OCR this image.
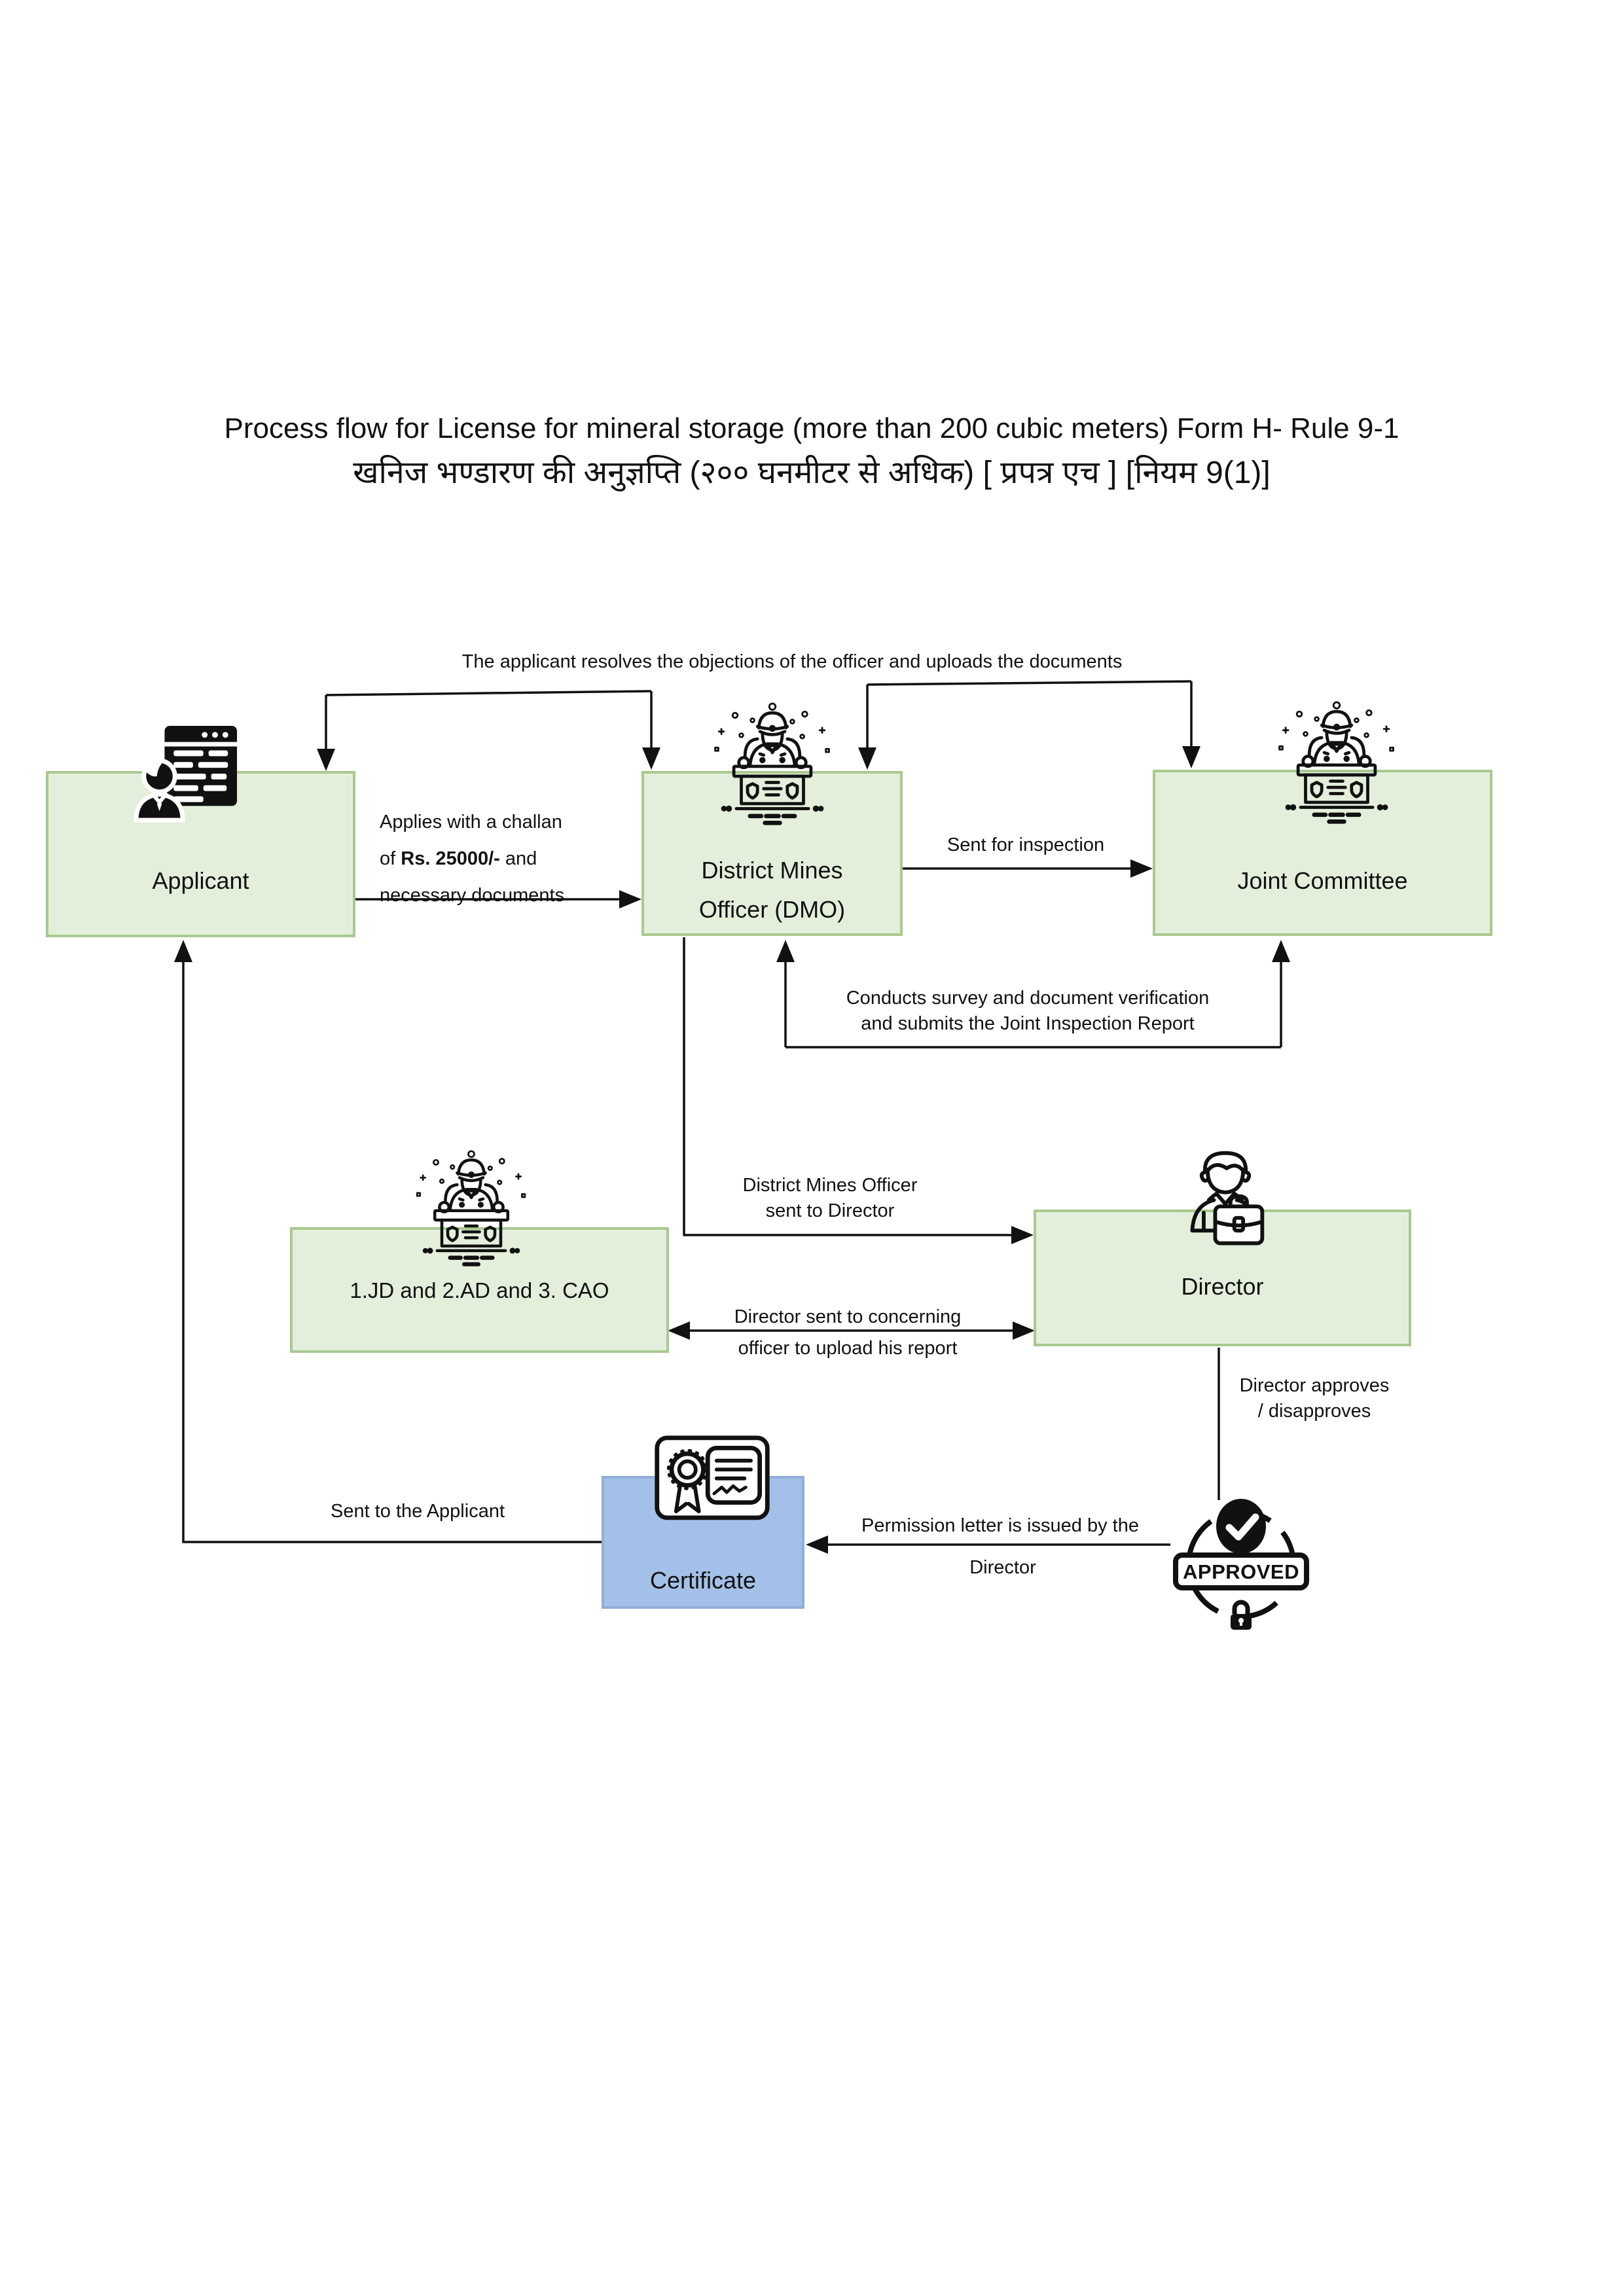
Process flow for License for mineral storage (more than 200 cubic meters) Form H- Rule 9-1
खनिज भण्डारण की अनुज्ञप्ति (२०० घनमीटर से अधिक) [ प्रपत्र एच ] [नियम 9(1)]
Applicant	District Mines
Officer (DMO)
Joint Committee
1.JD and 2.AD and 3. CAO	Director
Certificate	APPROVED
The applicant resolves the objections of the officer and uploads the documents
Applies with a challan
of Rs. 25000/- and
necessary documents
Sent for inspection
Conducts survey and document verification
and submits the Joint Inspection Report
District Mines Officer
sent to Director
Director sent to concerning
officer to upload his report
Director approves
/ disapproves
Permission letter is issued by the
Director
Sent to the Applicant
